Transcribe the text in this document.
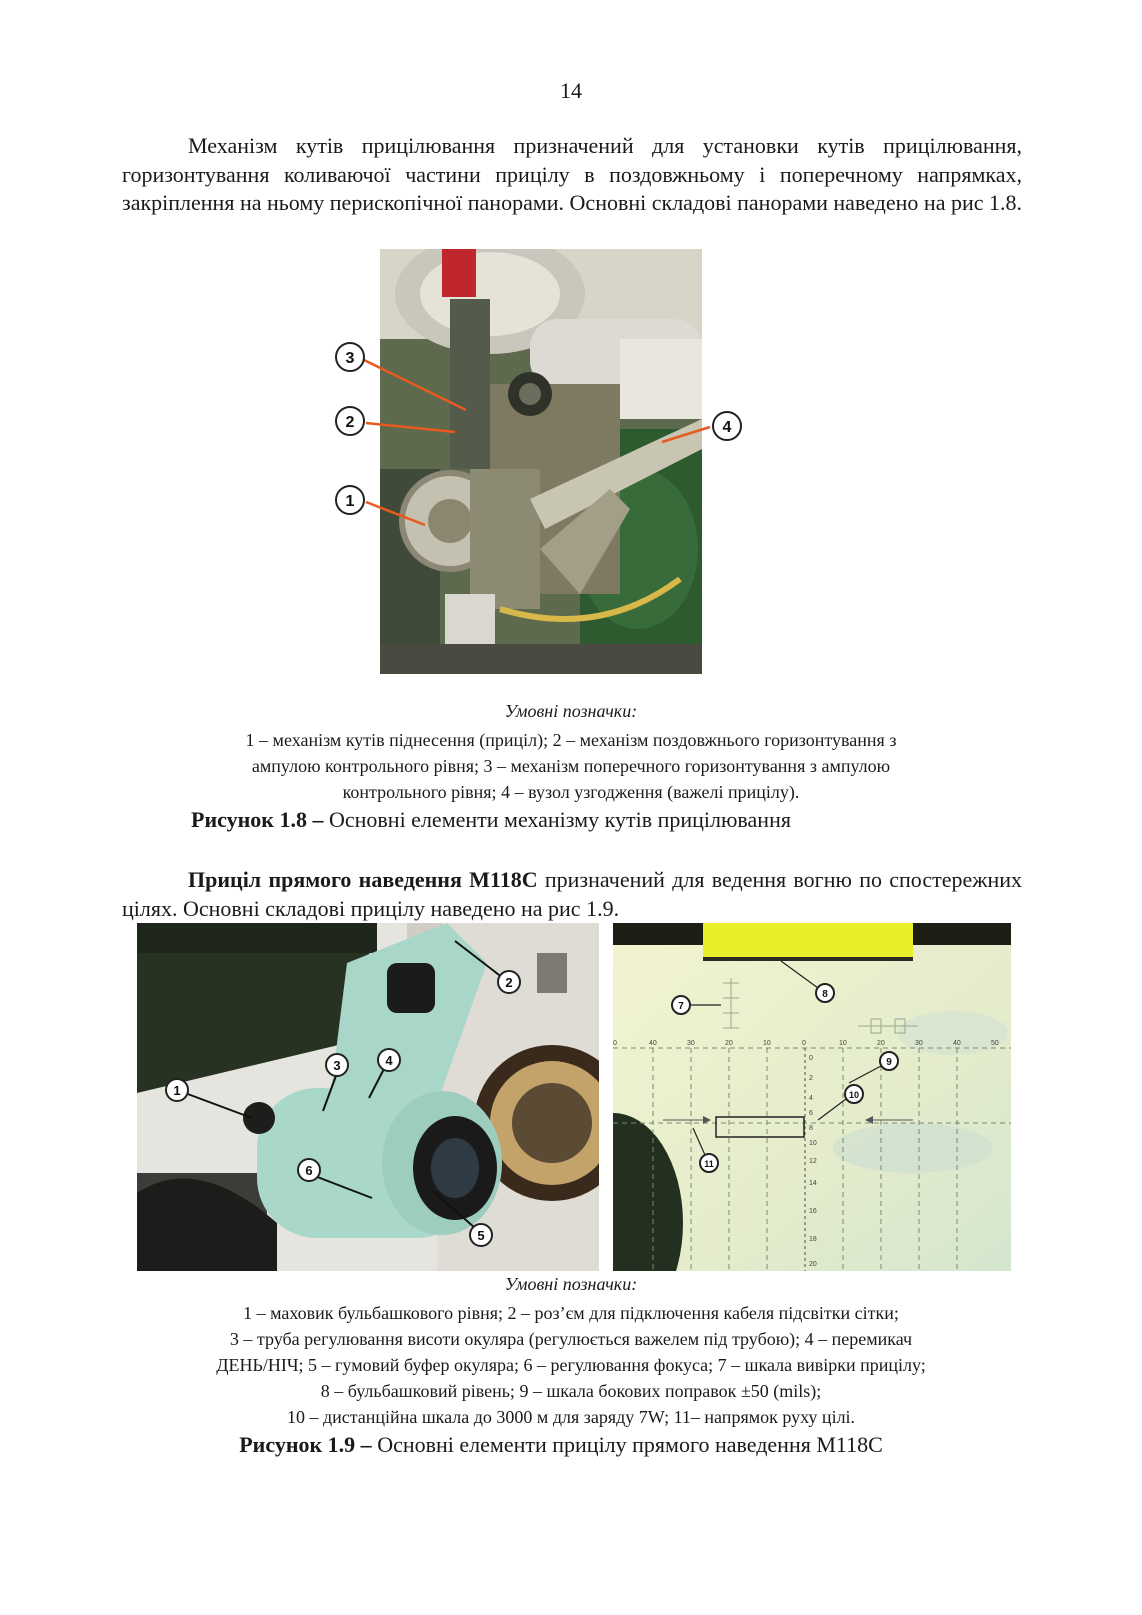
14

Механізм кутів прицілювання призначений для установки кутів прицілювання, горизонтування коливаючої частини прицілу в поздовжньому і поперечному напрямках, закріплення на ньому перископічної панорами. Основні складові панорами наведено на рис 1.8.

3
2
1
4
Умовні позначки:

1 – механізм кутів піднесення (приціл); 2 – механізм поздовжнього горизонтування з
ампулою контрольного рівня; 3 – механізм поперечного горизонтування з ампулою
контрольного рівня; 4 – вузол узгодження (важелі прицілу).

Рисунок 1.8 – Основні елементи механізму кутів прицілювання

Приціл прямого наведення М118С призначений для ведення вогню по спостережних цілях. Основні складові прицілу наведено на рис 1.9.

1
2
3	4
5
6
0	40	30	20	10	0	10	20	30	40	50
0
2
4
6
8
10
12
14
16
18
20
7
8
9
10
11
Умовні позначки:

1 – маховик бульбашкового рівня; 2 – роз’єм для підключення кабеля підсвітки сітки;
3 – труба регулювання висоти окуляра (регулюється важелем під трубою); 4 – перемикач
ДЕНЬ/НІЧ; 5 – гумовий буфер окуляра; 6 – регулювання фокуса; 7 – шкала вивірки прицілу;
8 – бульбашковий рівень; 9 – шкала бокових поправок ±50 (mils);
10 – дистанційна шкала до 3000 м для заряду 7W; 11– напрямок руху цілі.

Рисунок 1.9 – Основні елементи прицілу прямого наведення М118С
